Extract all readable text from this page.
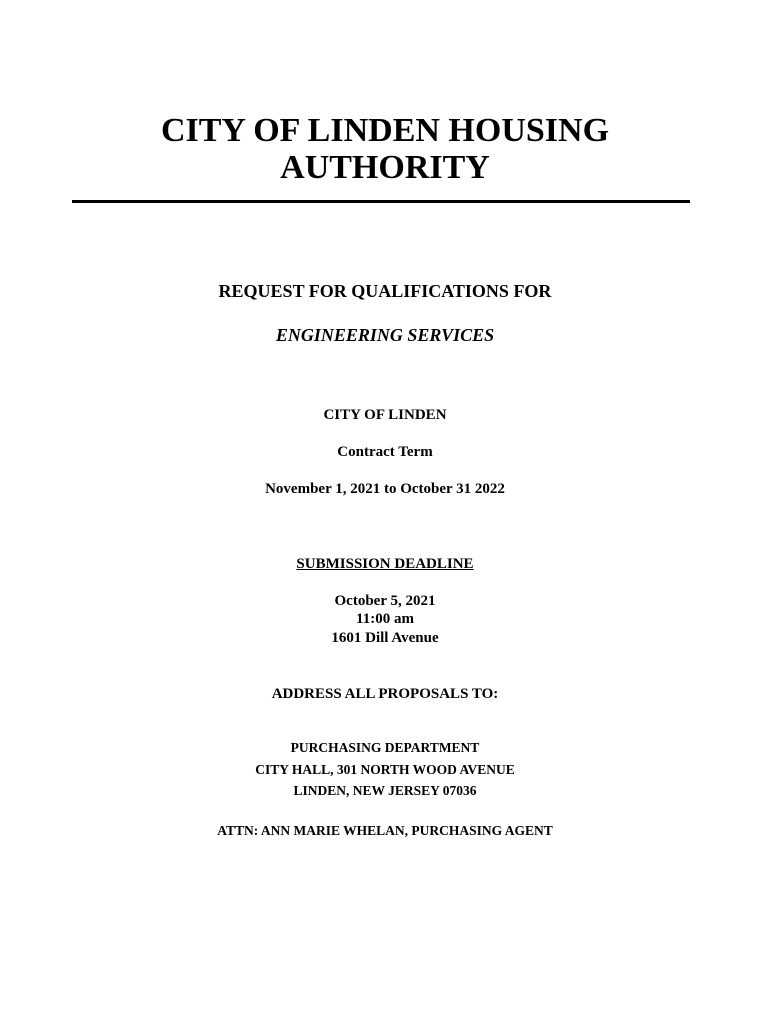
CITY OF LINDEN HOUSING
AUTHORITY
REQUEST FOR QUALIFICATIONS FOR
ENGINEERING SERVICES
CITY OF LINDEN
Contract Term
November 1, 2021 to October 31 2022
SUBMISSION DEADLINE
October 5, 2021
11:00 am
1601 Dill Avenue
ADDRESS ALL PROPOSALS TO:
PURCHASING DEPARTMENT
CITY HALL, 301 NORTH WOOD AVENUE
LINDEN, NEW JERSEY 07036
ATTN: ANN MARIE WHELAN, PURCHASING AGENT
